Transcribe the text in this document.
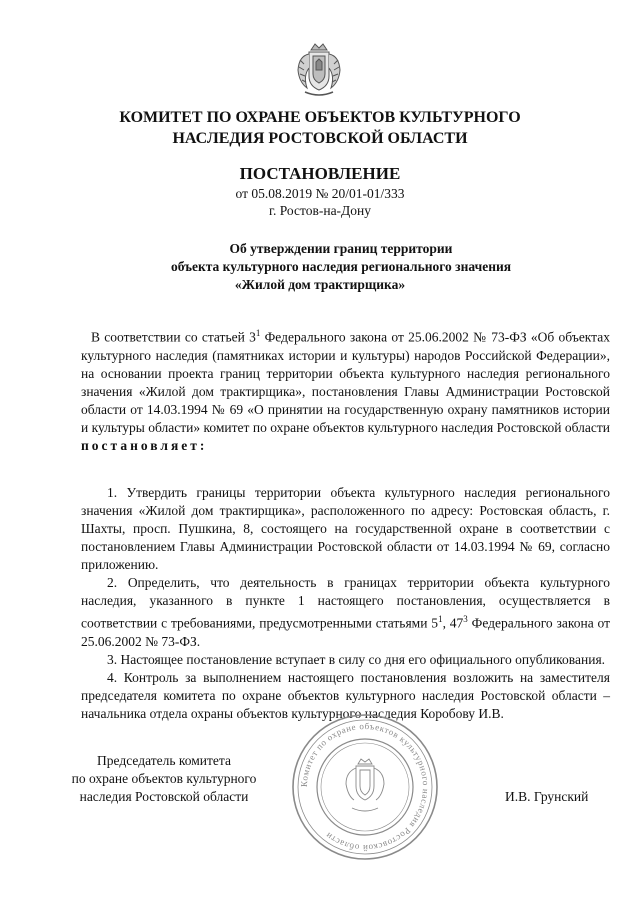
КОМИТЕТ ПО ОХРАНЕ ОБЪЕКТОВ КУЛЬТУРНОГО
НАСЛЕДИЯ РОСТОВСКОЙ ОБЛАСТИ
ПОСТАНОВЛЕНИЕ
от 05.08.2019 № 20/01-01/333
г. Ростов-на-Дону
Об утверждении границ территории
объекта культурного наследия регионального значения
«Жилой дом трактирщика»

В соответствии со статьей $3^1$ Федерального закона от 25.06.2002 № 73-ФЗ «Об объектах культурного наследия (памятниках истории и культуры) народов Российской Федерации», на основании проекта границ территории объекта культурного наследия регионального значения «Жилой дом трактирщика», постановления Главы Администрации Ростовской области от 14.03.1994 № 69 «О принятии на государственную охрану памятников истории и культуры области» комитет по охране объектов культурного наследия Ростовской области

постановляет:

1. Утвердить границы территории объекта культурного наследия регионального значения «Жилой дом трактирщика», расположенного по адресу: Ростовская область, г. Шахты, просп. Пушкина, 8, состоящего на государственной охране в соответствии с постановлением Главы Администрации Ростовской области от 14.03.1994 № 69, согласно приложению.

2. Определить, что деятельность в границах территории объекта культурного наследия, указанного в пункте 1 настоящего постановления, осуществляется в соответствии с требованиями, предусмотренными статьями $5^1$, $47^3$ Федерального закона от 25.06.2002 № 73-ФЗ.

3. Настоящее постановление вступает в силу со дня его официального опубликования.

4. Контроль за выполнением настоящего постановления возложить на заместителя председателя комитета по охране объектов культурного наследия Ростовской области – начальника отдела охраны объектов культурного наследия Коробову И.В.

Комитет по охране объектов культурного наследия Ростовской области
Председатель комитета
по охране объектов культурного
наследия Ростовской области	И.В. Грунский
